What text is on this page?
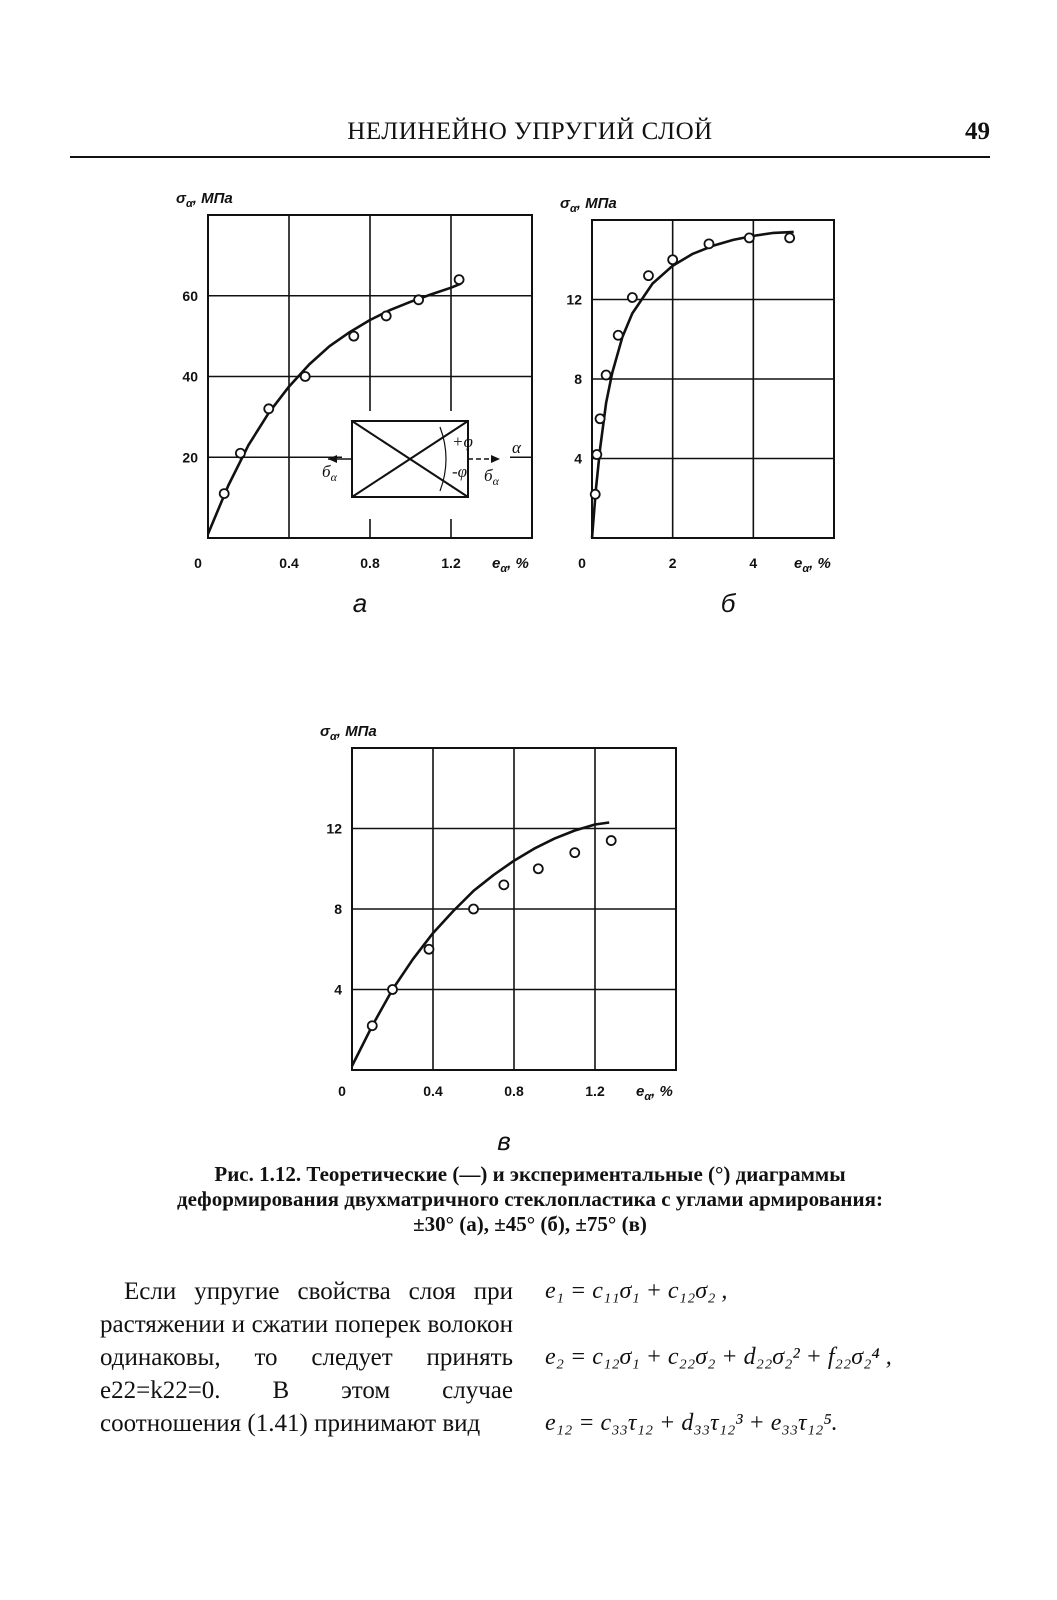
НЕЛИНЕЙНО УПРУГИЙ СЛОЙ	49
0	0.4	0.8	1.2
20
40
60
$e_\alpha$, %
$\sigma_\alpha$, МПа
а
$б_\alpha$	$б_\alpha$
α
+φ
-φ
0	2	4
4
8
12
$e_\alpha$, %
$\sigma_\alpha$, МПа
б
0	0.4	0.8	1.2
4
8
12
$e_\alpha$, %
$\sigma_\alpha$, МПа
в
Рис. 1.12. Теоретические (—) и экспериментальные (°) диаграммы
деформирования двухматричного стеклопластика с углами армирования:
±30° (а), ±45° (б), ±75° (в)
Если упругие свойства слоя при растяжении и сжатии поперек волокон одинаковы, то следует принять e22=k22=0. В этом случае соотношения (1.41) принимают вид
e₁ = c₁₁σ₁ + c₁₂σ₂ ,
e₂ = c₁₂σ₁ + c₂₂σ₂ + d₂₂σ₂² + f₂₂σ₂⁴ ,
e₁₂ = c₃₃τ₁₂ + d₃₃τ₁₂³ + e₃₃τ₁₂⁵.
